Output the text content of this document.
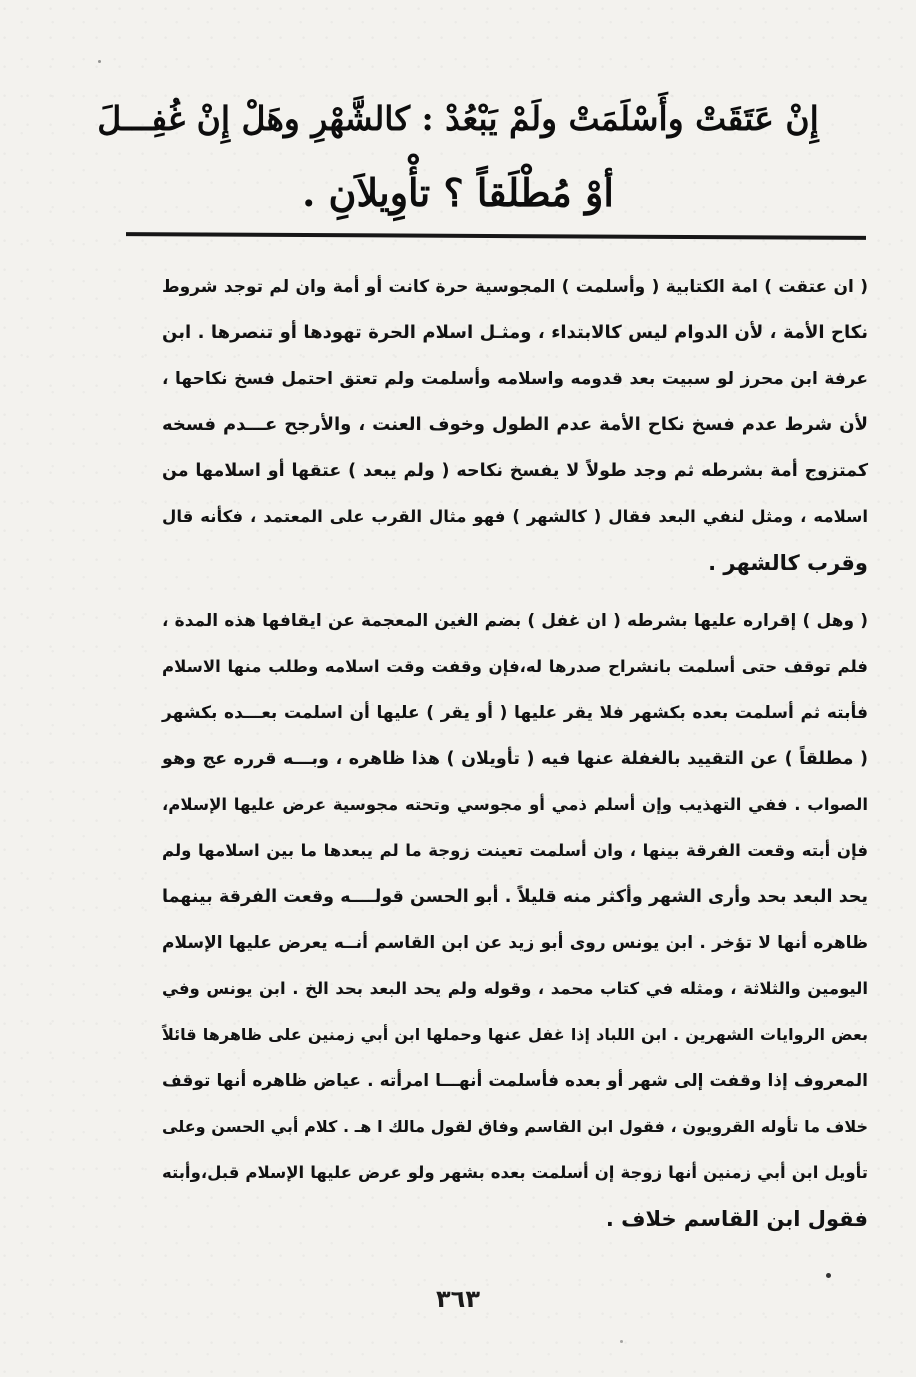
إِنْ عَتَقَتْ وأَسْلَمَتْ ولَمْ يَبْعُدْ : كالشَّهْرِ وهَلْ إِنْ غُفِـــلَ
أوْ مُطْلَقاً ؟ تأْوِيلاَنِ .
( ان عتقت ) امة الكتابية ( وأسلمت ) المجوسية حرة كانت أو أمة وان لم توجد شروط
نكاح الأمة ، لأن الدوام ليس كالابتداء ، ومثـل اسلام الحرة تهودها أو تنصرها . ابن
عرفة ابن محرز لو سبيت بعد قدومه واسلامه وأسلمت ولم تعتق احتمل فسخ نكاحها ،
لأن شرط عدم فسخ نكاح الأمة عدم الطول وخوف العنت ، والأرجح عـــدم فسخه
كمتزوج أمة بشرطه ثم وجد طولاً لا يفسخ نكاحه ( ولم يبعد ) عتقها أو اسلامها من
اسلامه ، ومثل لنفي البعد فقال ( كالشهر ) فهو مثال القرب على المعتمد ، فكأنه قال
وقرب كالشهر .
( وهل ) إقراره عليها بشرطه ( ان غفل ) بضم الغين المعجمة عن ايقافها هذه المدة ،
فلم توقف حتى أسلمت بانشراح صدرها له،فإن وقفت وقت اسلامه وطلب منها الاسلام
فأبته ثم أسلمت بعده بكشهر فلا يقر عليها ( أو يقر ) عليها أن اسلمت بعـــده بكشهر
( مطلقاً ) عن التقييد بالغفلة عنها فيه ( تأويلان ) هذا ظاهره ، وبـــه قرره عج وهو
الصواب . ففي التهذيب وإن أسلم ذمي أو مجوسي وتحته مجوسية عرض عليها الإسلام،
فإن أبته وقعت الفرقة بينها ، وان أسلمت تعينت زوجة ما لم يبعدها ما بين اسلامها ولم
يحد البعد بحد وأرى الشهر وأكثر منه قليلاً . أبو الحسن قولــــه وقعت الفرقة بينهما
ظاهره أنها لا تؤخر . ابن يونس روى أبو زيد عن ابن القاسم أنــه يعرض عليها الإسلام
اليومين والثلاثة ، ومثله في كتاب محمد ، وقوله ولم يحد البعد بحد الخ . ابن يونس وفي
بعض الروايات الشهرين . ابن اللباد إذا غفل عنها وحملها ابن أبي زمنين على ظاهرها قائلاً
المعروف إذا وقفت إلى شهر أو بعده فأسلمت أنهـــا امرأته . عياض ظاهره أنها توقف
خلاف ما تأوله القرويون ، فقول ابن القاسم وفاق لقول مالك ا هـ . كلام أبي الحسن وعلى
تأويل ابن أبي زمنين أنها زوجة إن أسلمت بعده بشهر ولو عرض عليها الإسلام قبل،وأبته
فقول ابن القاسم خلاف .
٣٦٣
